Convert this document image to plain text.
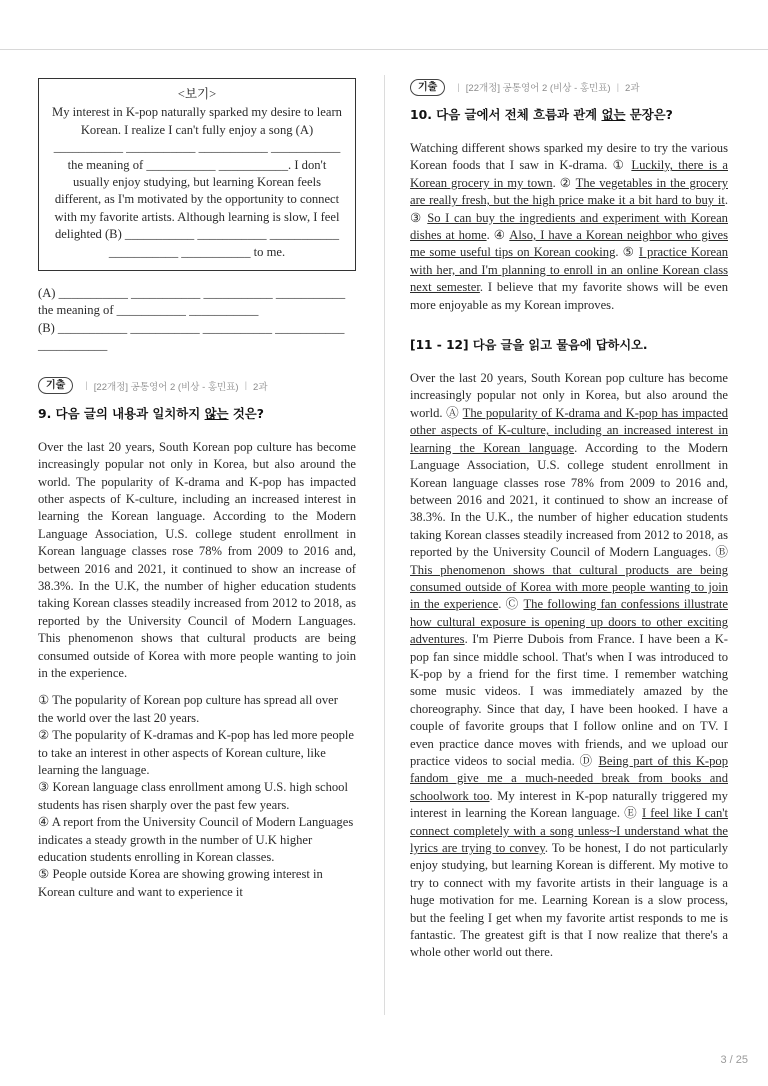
<보기>
My interest in K-pop naturally sparked my desire to learn Korean. I realize I can't fully enjoy a song (A) ___________ ___________ ___________ ___________ the meaning of ___________ ___________. I don't usually enjoy studying, but learning Korean feels different, as I'm motivated by the opportunity to connect with my favorite artists. Although learning is slow, I feel delighted (B) ___________ ___________ ___________ ___________ ___________ to me.

(A) ___________ ___________ ___________ ___________ the meaning of ___________ ___________

(B) ___________ ___________ ___________ ___________ ___________

기출	| [22개정] 공통영어 2 (비상 - 홍민표) | 2과
9. 다음 글의 내용과 일치하지 않는 것은?

Over the last 20 years, South Korean pop culture has become increasingly popular not only in Korea, but also around the world. The popularity of K-drama and K-pop has impacted other aspects of K-culture, including an increased interest in learning the Korean language. According to the Modern Language Association, U.S. college student enrollment in Korean language classes rose 78% from 2009 to 2016 and, between 2016 and 2021, it continued to show an increase of 38.3%. In the U.K, the number of higher education students taking Korean classes steadily increased from 2012 to 2018, as reported by the University Council of Modern Languages. This phenomenon shows that cultural products are being consumed outside of Korea with more people wanting to join in the experience.

① The popularity of Korean pop culture has spread all over the world over the last 20 years.
② The popularity of K-dramas and K-pop has led more people to take an interest in other aspects of Korean culture, like learning the language.
③ Korean language class enrollment among U.S. high school students has risen sharply over the past few years.
④ A report from the University Council of Modern Languages indicates a steady growth in the number of U.K higher education students enrolling in Korean classes.
⑤ People outside Korea are showing growing interest in Korean culture and want to experience it
기출	| [22개정] 공통영어 2 (비상 - 홍민표) | 2과
10. 다음 글에서 전체 흐름과 관계 없는 문장은?

Watching different shows sparked my desire to try the various Korean foods that I saw in K-drama. ① Luckily, there is a Korean grocery in my town. ② The vegetables in the grocery are really fresh, but the high price make it a bit hard to buy it. ③ So I can buy the ingredients and experiment with Korean dishes at home. ④ Also, I have a Korean neighbor who gives me some useful tips on Korean cooking. ⑤ I practice Korean with her, and I'm planning to enroll in an online Korean class next semester. I believe that my favorite shows will be even more enjoyable as my Korean improves.

[11 - 12] 다음 글을 읽고 물음에 답하시오.

Over the last 20 years, South Korean pop culture has become increasingly popular not only in Korea, but also around the world. Ⓐ The popularity of K-drama and K-pop has impacted other aspects of K-culture, including an increased interest in learning the Korean language. According to the Modern Language Association, U.S. college student enrollment in Korean language classes rose 78% from 2009 to 2016 and, between 2016 and 2021, it continued to show an increase of 38.3%. In the U.K., the number of higher education students taking Korean classes steadily increased from 2012 to 2018, as reported by the University Council of Modern Languages. Ⓑ This phenomenon shows that cultural products are being consumed outside of Korea with more people wanting to join in the experience. Ⓒ The following fan confessions illustrate how cultural exposure is opening up doors to other exciting adventures. I'm Pierre Dubois from France. I have been a K-pop fan since middle school. That's when I was introduced to K-pop by a friend for the first time. I remember watching some music videos. I was immediately amazed by the choreography. Since that day, I have been hooked. I have a couple of favorite groups that I follow online and on TV. I even practice dance moves with friends, and we upload our practice videos to social media. Ⓓ Being part of this K-pop fandom give me a much-needed break from books and schoolwork too. My interest in K-pop naturally triggered my interest in learning the Korean language. Ⓔ I feel like I can't connect completely with a song unless~I understand what the lyrics are trying to convey. To be honest, I do not particularly enjoy studying, but learning Korean is different. My motive to try to connect with my favorite artists in their language is a huge motivation for me. Learning Korean is a slow process, but the feeling I get when my favorite artist responds to me is fantastic. The greatest gift is that I now realize that there's a whole other world out there.

3 / 25
